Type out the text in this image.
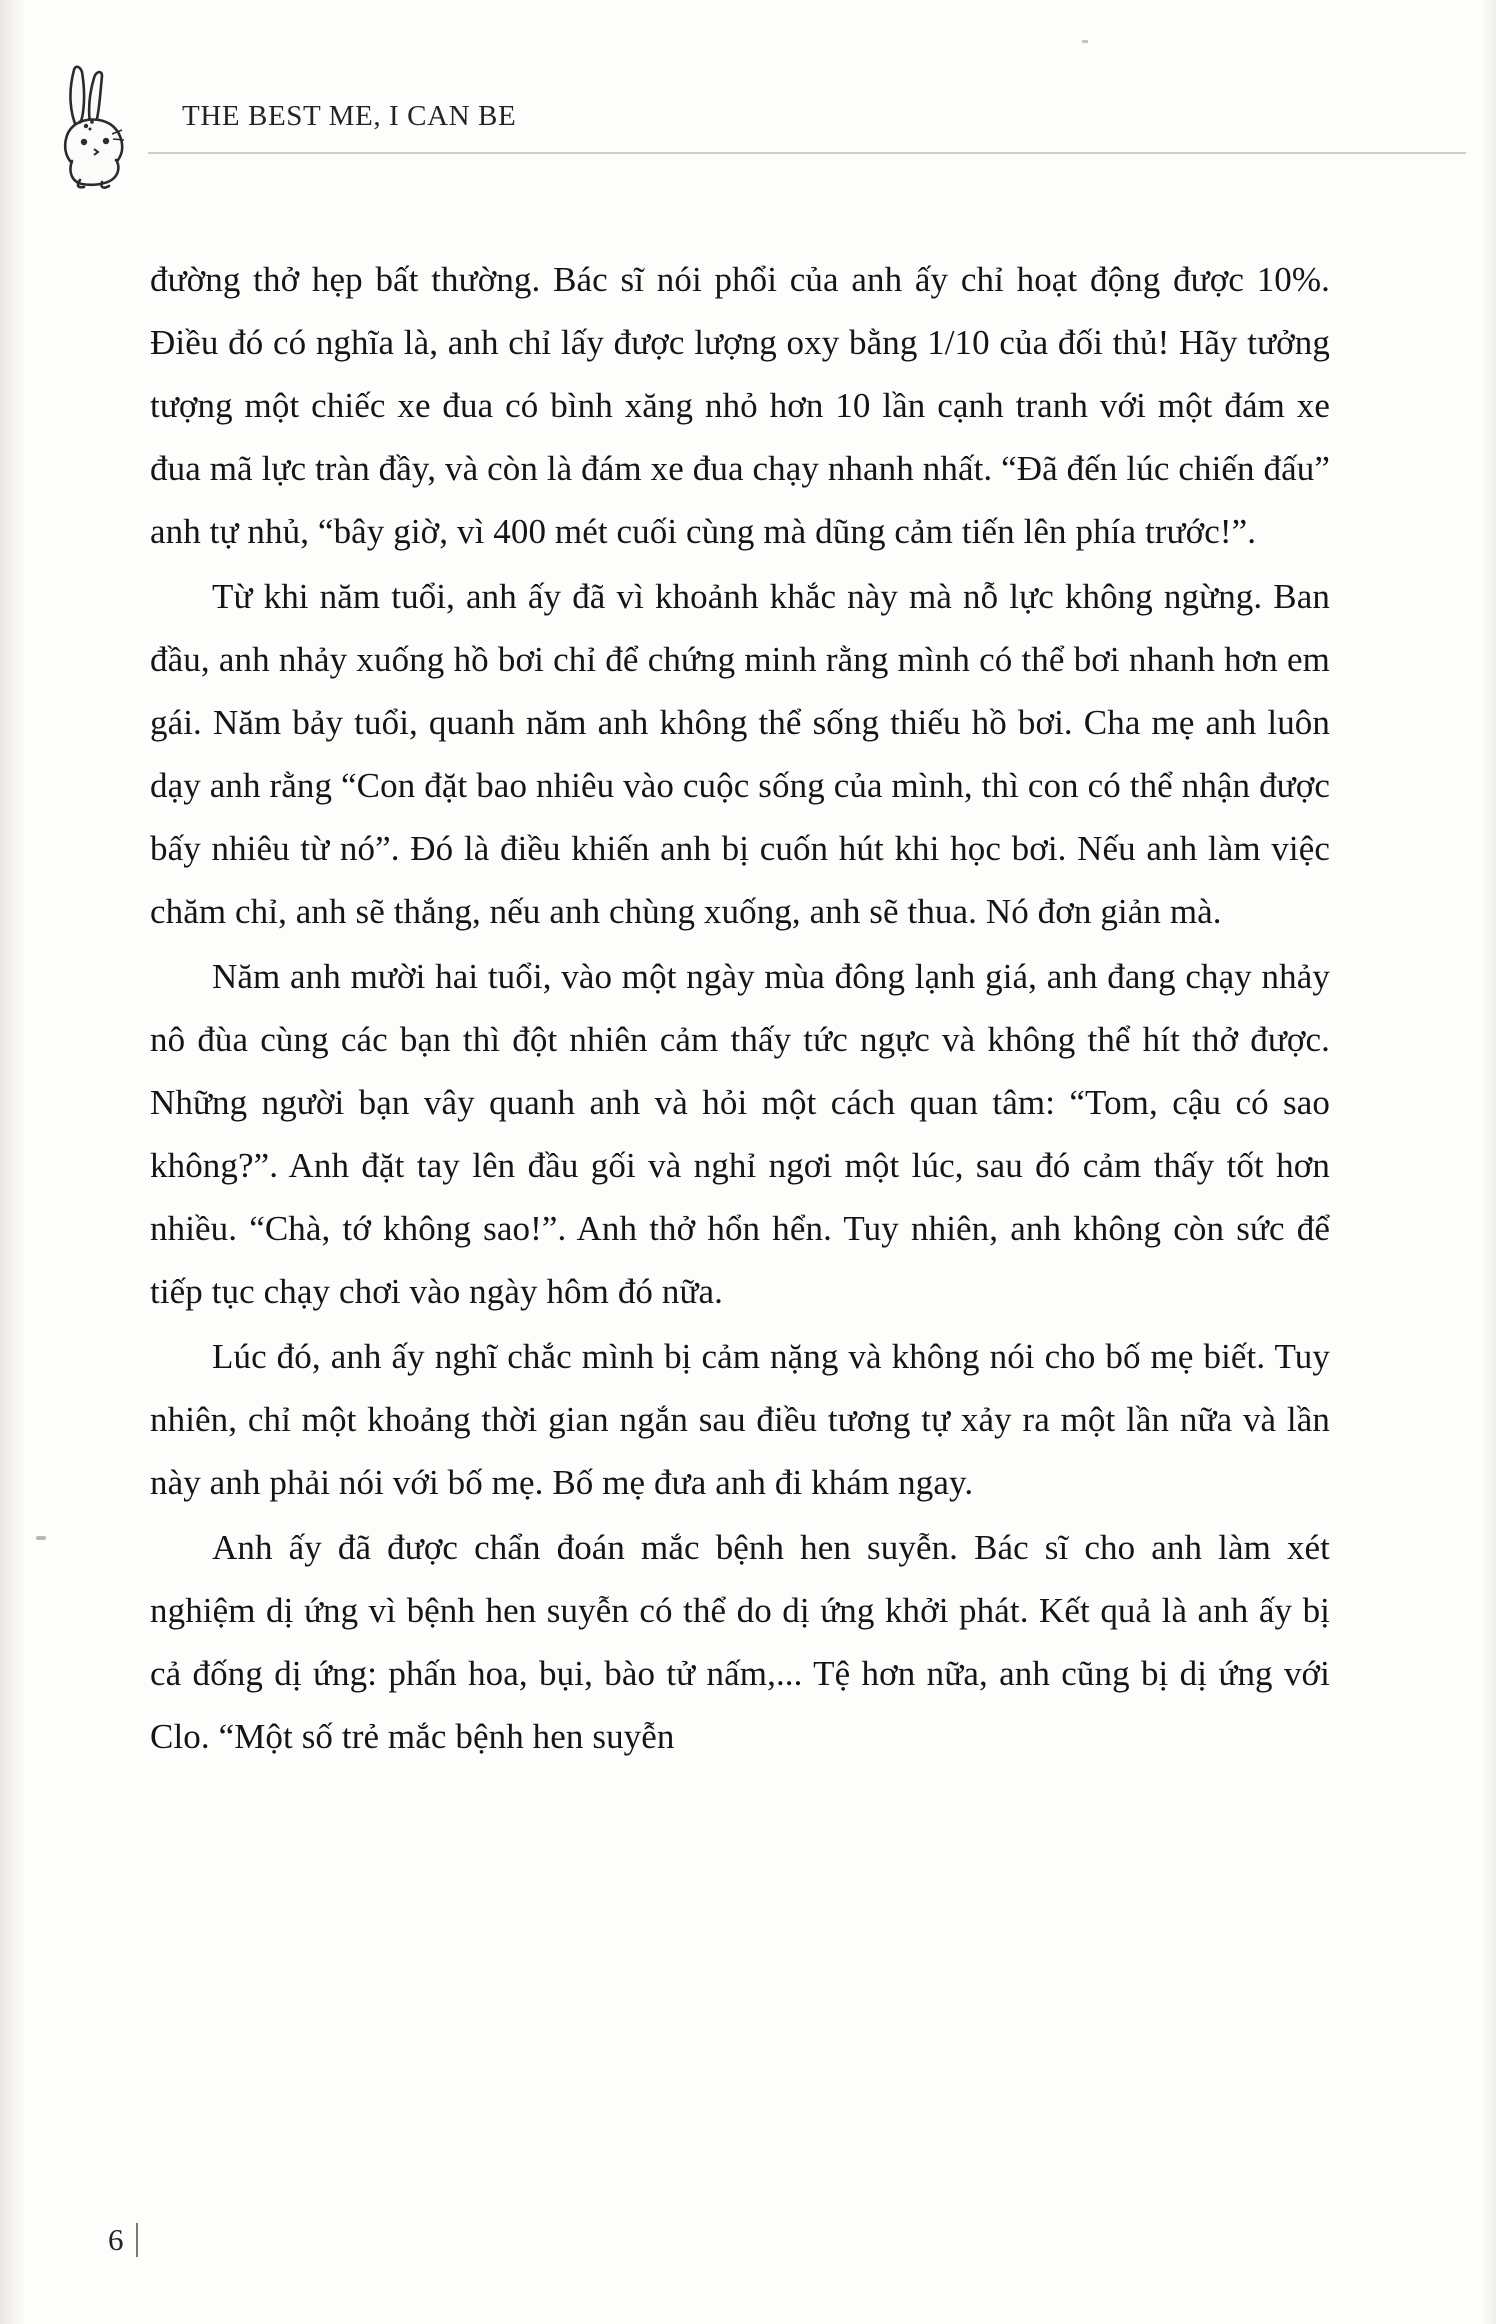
THE BEST ME, I CAN BE

đường thở hẹp bất thường. Bác sĩ nói phổi của anh ấy chỉ hoạt động được 10%. Điều đó có nghĩa là, anh chỉ lấy được lượng oxy bằng 1/10 của đối thủ! Hãy tưởng tượng một chiếc xe đua có bình xăng nhỏ hơn 10 lần cạnh tranh với một đám xe đua mã lực tràn đầy, và còn là đám xe đua chạy nhanh nhất. “Đã đến lúc chiến đấu” anh tự nhủ, “bây giờ, vì 400 mét cuối cùng mà dũng cảm tiến lên phía trước!”.

Từ khi năm tuổi, anh ấy đã vì khoảnh khắc này mà nỗ lực không ngừng. Ban đầu, anh nhảy xuống hồ bơi chỉ để chứng minh rằng mình có thể bơi nhanh hơn em gái. Năm bảy tuổi, quanh năm anh không thể sống thiếu hồ bơi. Cha mẹ anh luôn dạy anh rằng “Con đặt bao nhiêu vào cuộc sống của mình, thì con có thể nhận được bấy nhiêu từ nó”. Đó là điều khiến anh bị cuốn hút khi học bơi. Nếu anh làm việc chăm chỉ, anh sẽ thắng, nếu anh chùng xuống, anh sẽ thua. Nó đơn giản mà.

Năm anh mười hai tuổi, vào một ngày mùa đông lạnh giá, anh đang chạy nhảy nô đùa cùng các bạn thì đột nhiên cảm thấy tức ngực và không thể hít thở được. Những người bạn vây quanh anh và hỏi một cách quan tâm: “Tom, cậu có sao không?”. Anh đặt tay lên đầu gối và nghỉ ngơi một lúc, sau đó cảm thấy tốt hơn nhiều. “Chà, tớ không sao!”. Anh thở hổn hển. Tuy nhiên, anh không còn sức để tiếp tục chạy chơi vào ngày hôm đó nữa.

Lúc đó, anh ấy nghĩ chắc mình bị cảm nặng và không nói cho bố mẹ biết. Tuy nhiên, chỉ một khoảng thời gian ngắn sau điều tương tự xảy ra một lần nữa và lần này anh phải nói với bố mẹ. Bố mẹ đưa anh đi khám ngay.

Anh ấy đã được chẩn đoán mắc bệnh hen suyễn. Bác sĩ cho anh làm xét nghiệm dị ứng vì bệnh hen suyễn có thể do dị ứng khởi phát. Kết quả là anh ấy bị cả đống dị ứng: phấn hoa, bụi, bào tử nấm,... Tệ hơn nữa, anh cũng bị dị ứng với Clo. “Một số trẻ mắc bệnh hen suyễn

6
